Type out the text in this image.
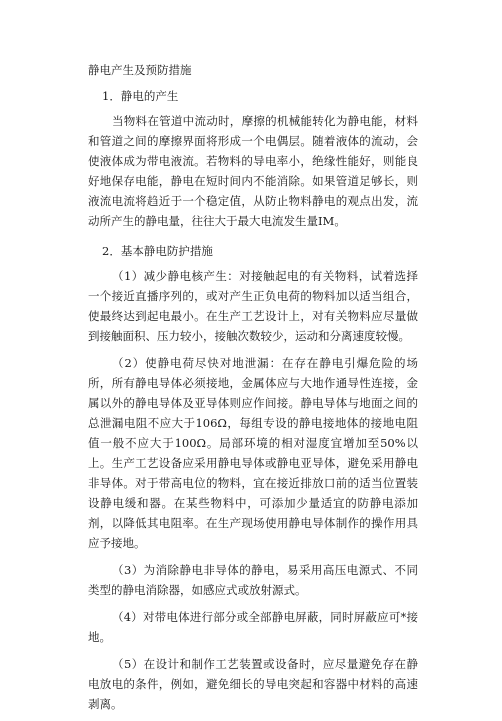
静电产生及预防措施

1．静电的产生

当物料在管道中流动时，摩擦的机械能转化为静电能，材料和管道之间的摩擦界面将形成一个电偶层。随着液体的流动，会使液体成为带电液流。若物料的导电率小，绝缘性能好，则能良好地保存电能，静电在短时间内不能消除。如果管道足够长，则液流电流将趋近于一个稳定值，从防止物料静电的观点出发，流动所产生的静电量，往往大于最大电流发生量IM。

2．基本静电防护措施

（1）减少静电核产生：对接触起电的有关物料，试着选择一个接近直播序列的，或对产生正负电荷的物料加以适当组合，使最终达到起电最小。在生产工艺设计上，对有关物料应尽量做到接触面积、压力较小，接触次数较少，运动和分离速度较慢。

（2）使静电荷尽快对地泄漏：在存在静电引爆危险的场所，所有静电导体必须接地，金属体应与大地作通导性连接，金属以外的静电导体及亚导体则应作间接。静电导体与地面之间的总泄漏电阻不应大于106Ω，每组专设的静电接地体的接地电阻值一般不应大于100Ω。局部环境的相对湿度宜增加至50%以上。生产工艺设备应采用静电导体或静电亚导体，避免采用静电非导体。对于带高电位的物料，宜在接近排放口前的适当位置装设静电缓和器。在某些物料中，可添加少量适宜的防静电添加剂，以降低其电阻率。在生产现场使用静电导体制作的操作用具应予接地。

（3）为消除静电非导体的静电，易采用高压电源式、不同类型的静电消除器，如感应式或放射源式。

（4）对带电体进行部分或全部静电屏蔽，同时屏蔽应可*接地。

（5）在设计和制作工艺装置或设备时，应尽量避免存在静电放电的条件，例如，避免细长的导电突起和容器中材料的高速剥离。
